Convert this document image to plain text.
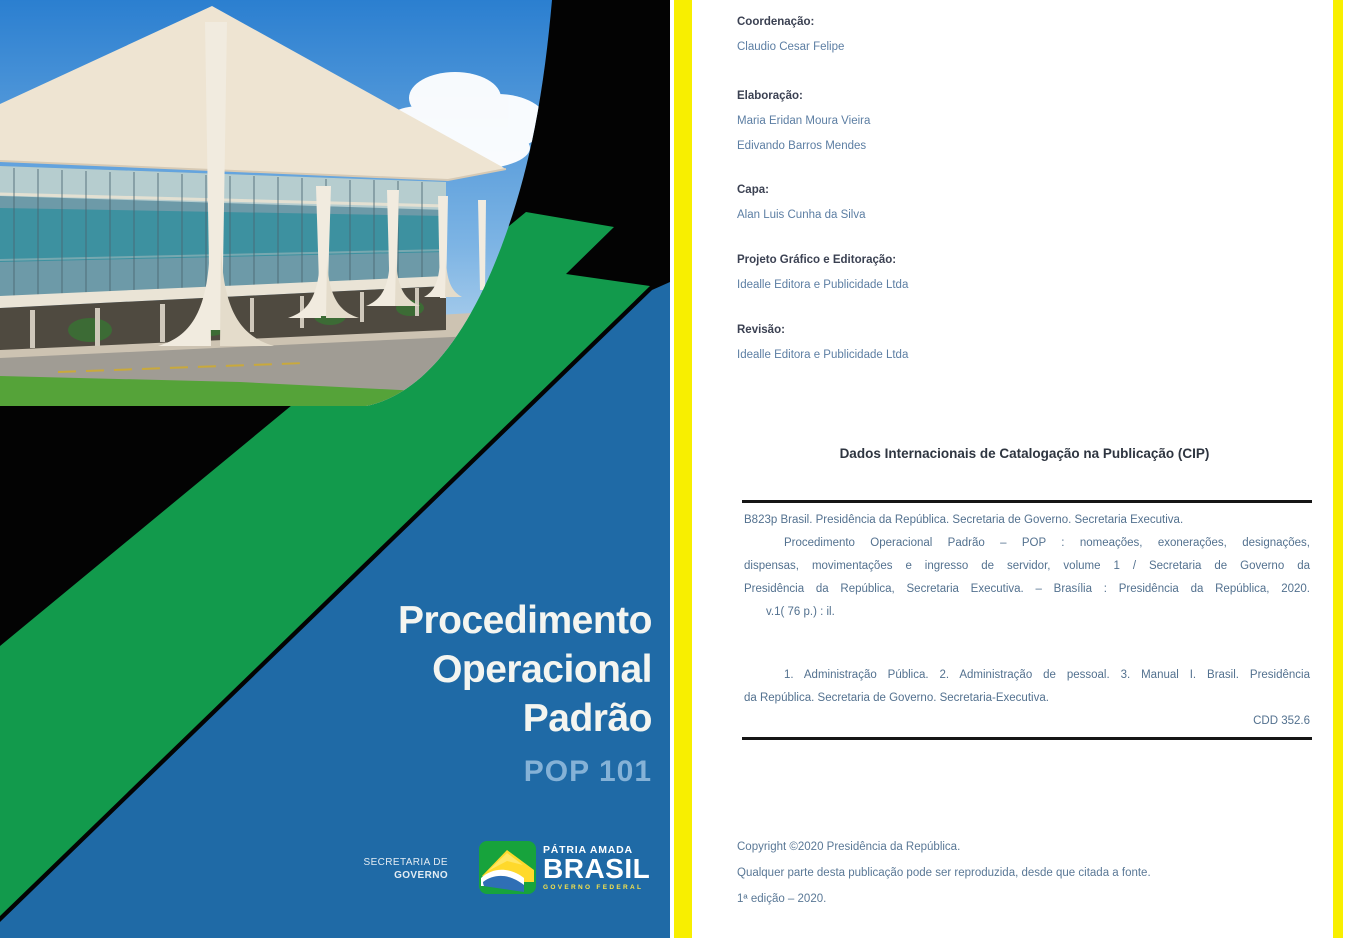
Procedimento
Operacional
Padrão
POP 101
SECRETARIA DE
GOVERNO
PÁTRIA AMADA
BRASIL
GOVERNO FEDERAL
Coordenação:
Claudio Cesar Felipe
Elaboração:
Maria Eridan Moura Vieira
Edivando Barros Mendes
Capa:
Alan Luis Cunha da Silva
Projeto Gráfico e Editoração:
Idealle Editora e Publicidade Ltda
Revisão:
Idealle Editora e Publicidade Ltda
Dados Internacionais de Catalogação na Publicação (CIP)
B823p Brasil. Presidência da República. Secretaria de Governo. Secretaria Executiva.
Procedimento Operacional Padrão – POP : nomeações, exonerações, designações,
dispensas, movimentações e ingresso de servidor, volume 1 / Secretaria de Governo da
Presidência da República, Secretaria Executiva. – Brasília : Presidência da República, 2020.
v.1( 76 p.) : il.
1. Administração Pública. 2. Administração de pessoal. 3. Manual I. Brasil. Presidência
da República. Secretaria de Governo. Secretaria-Executiva.
CDD 352.6
Copyright ©2020 Presidência da República.
Qualquer parte desta publicação pode ser reproduzida, desde que citada a fonte.
1ª edição – 2020.
